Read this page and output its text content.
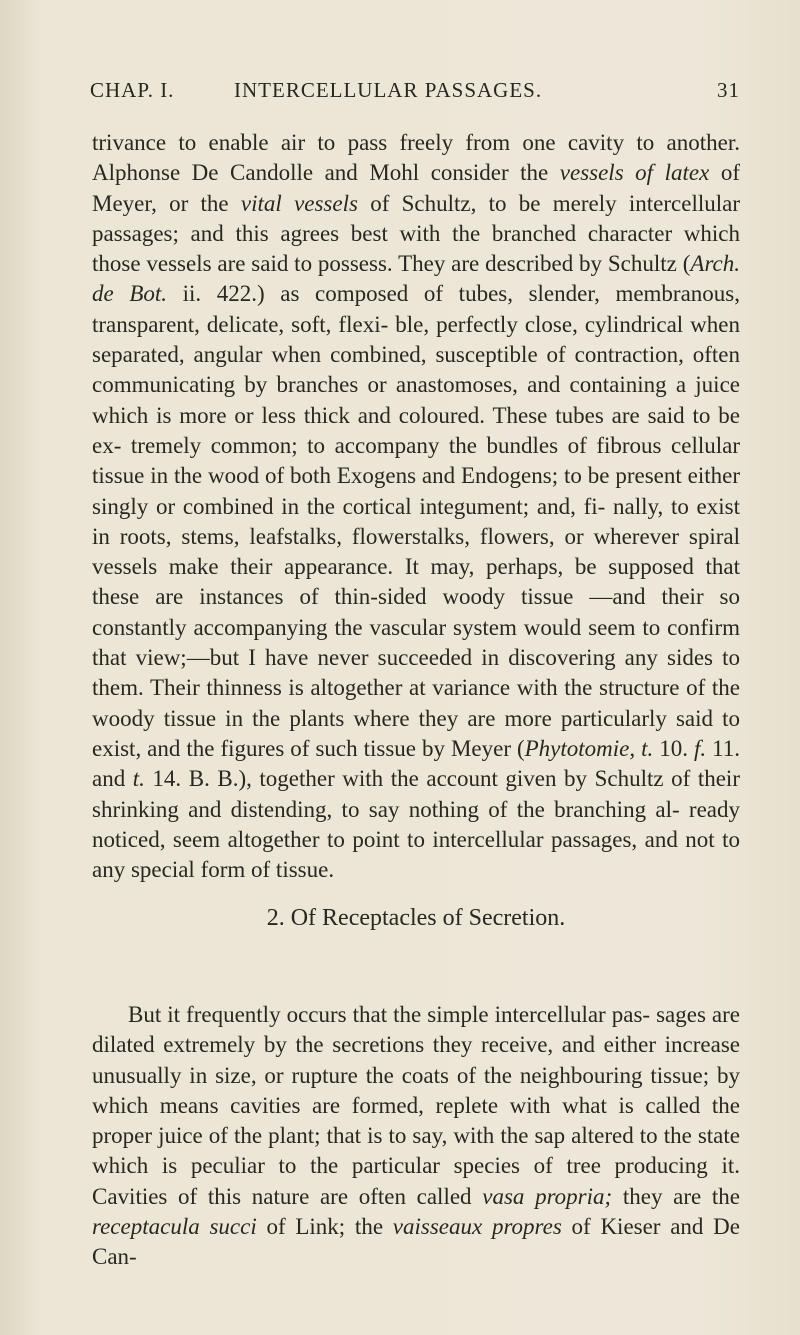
CHAP. I.	INTERCELLULAR PASSAGES.	31

trivance to enable air to pass freely from one cavity to another. Alphonse De Candolle and Mohl consider the vessels of latex of Meyer, or the vital vessels of Schultz, to be merely intercellular passages; and this agrees best with the branched character which those vessels are said to possess. They are described by Schultz (Arch. de Bot. ii. 422.) as composed of tubes, slender, membranous, transparent, delicate, soft, flexi- ble, perfectly close, cylindrical when separated, angular when combined, susceptible of contraction, often communicating by branches or anastomoses, and containing a juice which is more or less thick and coloured. These tubes are said to be ex- tremely common; to accompany the bundles of fibrous cellular tissue in the wood of both Exogens and Endogens; to be present either singly or combined in the cortical integument; and, fi- nally, to exist in roots, stems, leafstalks, flowerstalks, flowers, or wherever spiral vessels make their appearance. It may, perhaps, be supposed that these are instances of thin-sided woody tissue —and their so constantly accompanying the vascular system would seem to confirm that view;—but I have never succeeded in discovering any sides to them. Their thinness is altogether at variance with the structure of the woody tissue in the plants where they are more particularly said to exist, and the figures of such tissue by Meyer (Phytotomie, t. 10. f. 11. and t. 14. B. B.), together with the account given by Schultz of their shrinking and distending, to say nothing of the branching al- ready noticed, seem altogether to point to intercellular passages, and not to any special form of tissue.

2. Of Receptacles of Secretion.

But it frequently occurs that the simple intercellular pas- sages are dilated extremely by the secretions they receive, and either increase unusually in size, or rupture the coats of the neighbouring tissue; by which means cavities are formed, replete with what is called the proper juice of the plant; that is to say, with the sap altered to the state which is peculiar to the particular species of tree producing it. Cavities of this nature are often called vasa propria; they are the receptacula succi of Link; the vaisseaux propres of Kieser and De Can-
